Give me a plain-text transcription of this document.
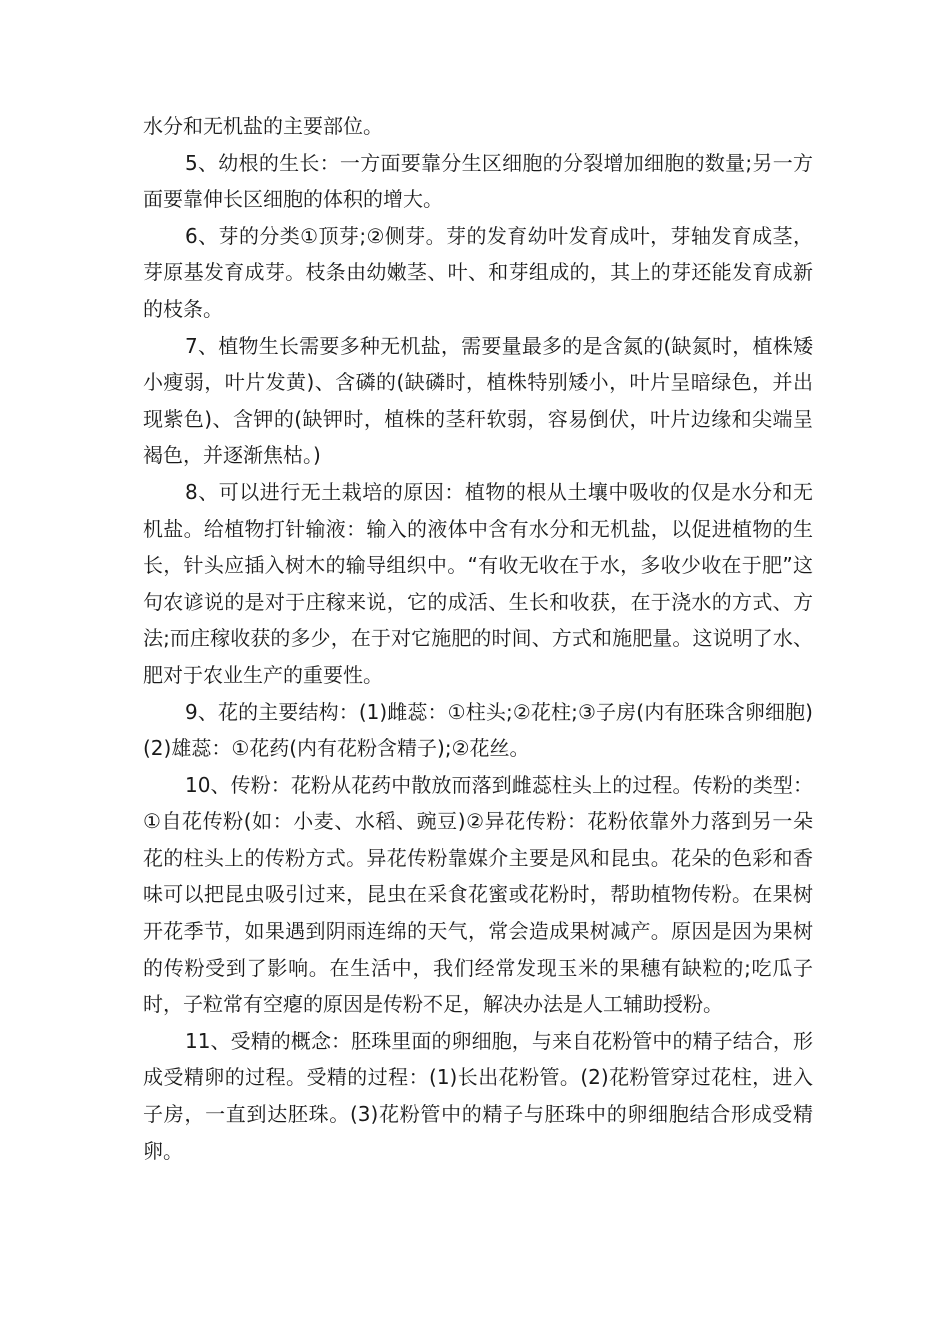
水分和无机盐的主要部位。

5、幼根的生长：一方面要靠分生区细胞的分裂增加细胞的数量;另一方面要靠伸长区细胞的体积的增大。

6、芽的分类①顶芽;②侧芽。芽的发育幼叶发育成叶，芽轴发育成茎，芽原基发育成芽。枝条由幼嫩茎、叶、和芽组成的，其上的芽还能发育成新的枝条。

7、植物生长需要多种无机盐，需要量最多的是含氮的(缺氮时，植株矮小瘦弱，叶片发黄)、含磷的(缺磷时，植株特别矮小，叶片呈暗绿色，并出现紫色)、含钾的(缺钾时，植株的茎秆软弱，容易倒伏，叶片边缘和尖端呈褐色，并逐渐焦枯。)

8、可以进行无土栽培的原因：植物的根从土壤中吸收的仅是水分和无机盐。给植物打针输液：输入的液体中含有水分和无机盐，以促进植物的生长，针头应插入树木的输导组织中。“有收无收在于水，多收少收在于肥”这句农谚说的是对于庄稼来说，它的成活、生长和收获，在于浇水的方式、方法;而庄稼收获的多少，在于对它施肥的时间、方式和施肥量。这说明了水、肥对于农业生产的重要性。

9、花的主要结构：(1)雌蕊：①柱头;②花柱;③子房(内有胚珠含卵细胞)(2)雄蕊：①花药(内有花粉含精子);②花丝。

10、传粉：花粉从花药中散放而落到雌蕊柱头上的过程。传粉的类型：①自花传粉(如：小麦、水稻、豌豆)②异花传粉：花粉依靠外力落到另一朵花的柱头上的传粉方式。异花传粉靠媒介主要是风和昆虫。花朵的色彩和香味可以把昆虫吸引过来，昆虫在采食花蜜或花粉时，帮助植物传粉。在果树开花季节，如果遇到阴雨连绵的天气，常会造成果树减产。原因是因为果树的传粉受到了影响。在生活中，我们经常发现玉米的果穗有缺粒的;吃瓜子时，子粒常有空瘪的原因是传粉不足，解决办法是人工辅助授粉。

11、受精的概念：胚珠里面的卵细胞，与来自花粉管中的精子结合，形成受精卵的过程。受精的过程：(1)长出花粉管。(2)花粉管穿过花柱，进入子房，一直到达胚珠。(3)花粉管中的精子与胚珠中的卵细胞结合形成受精卵。
